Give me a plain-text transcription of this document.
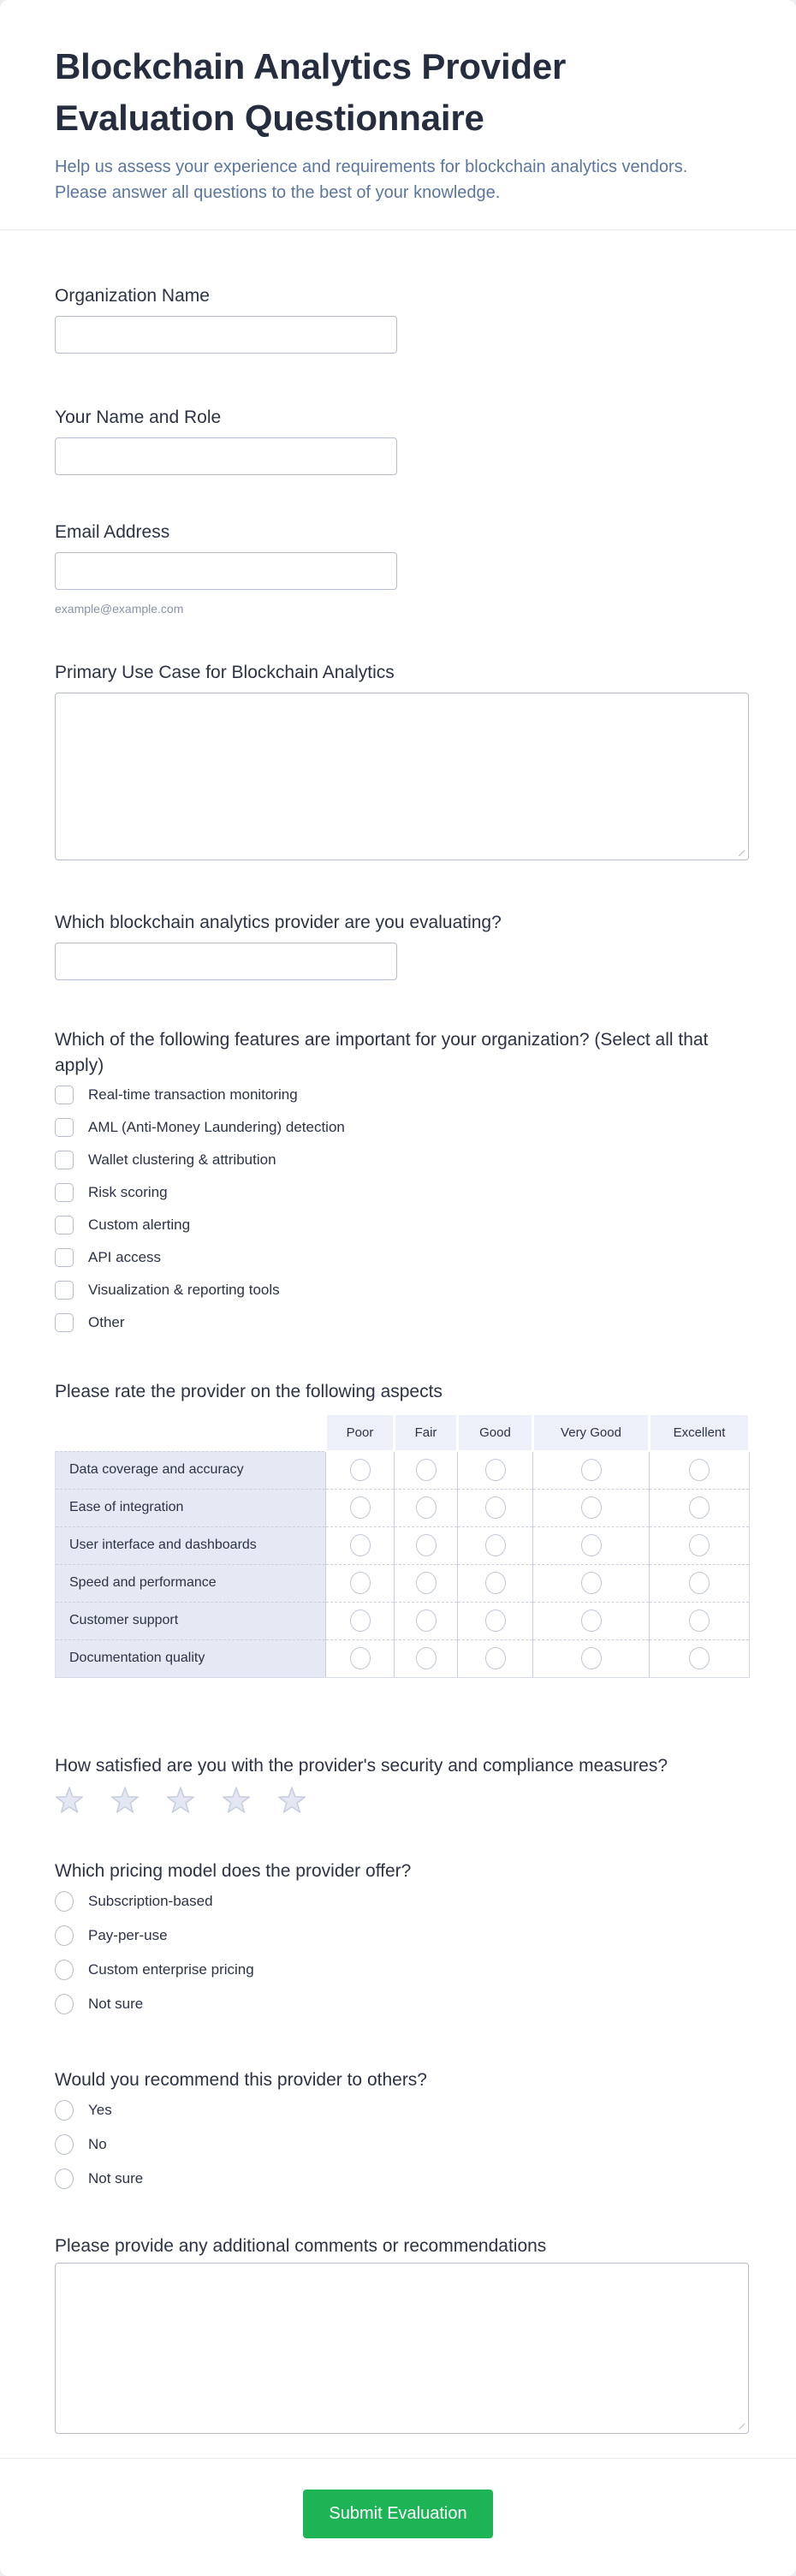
Blockchain Analytics Provider Evaluation Questionnaire

Help us assess your experience and requirements for blockchain analytics vendors. Please answer all questions to the best of your knowledge.

Organization Name
Your Name and Role
Email Address
example@example.com
Primary Use Case for Blockchain Analytics
Which blockchain analytics provider are you evaluating?
Which of the following features are important for your organization? (Select all that apply)
Real-time transaction monitoring
AML (Anti-Money Laundering) detection
Wallet clustering & attribution
Risk scoring
Custom alerting
API access
Visualization & reporting tools
Other
Please rate the provider on the following aspects
	Poor	Fair	Good	Very Good	Excellent
Data coverage and accuracy					
Ease of integration					
User interface and dashboards					
Speed and performance					
Customer support					
Documentation quality					
How satisfied are you with the provider's security and compliance measures?
Which pricing model does the provider offer?
Subscription-based
Pay-per-use
Custom enterprise pricing
Not sure
Would you recommend this provider to others?
Yes
No
Not sure
Please provide any additional comments or recommendations
Submit Evaluation
